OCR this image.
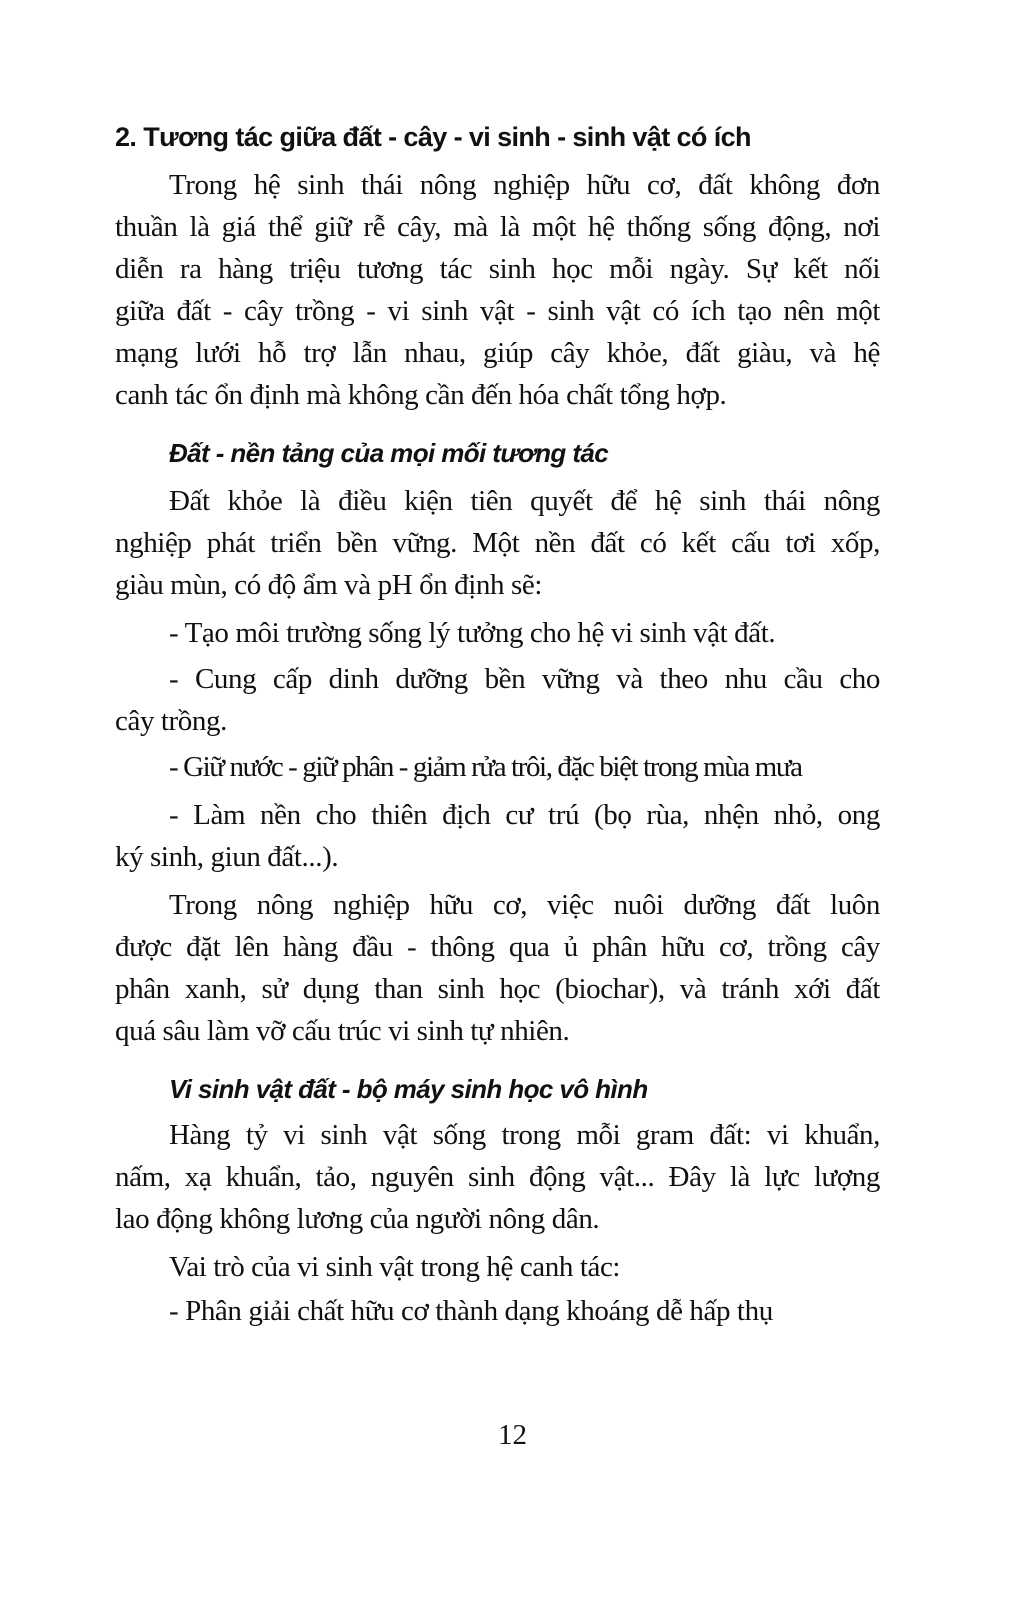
2. Tương tác giữa đất - cây - vi sinh - sinh vật có ích
Trong hệ sinh thái nông nghiệp hữu cơ, đất không đơn
thuần là giá thể giữ rễ cây, mà là một hệ thống sống động, nơi
diễn ra hàng triệu tương tác sinh học mỗi ngày. Sự kết nối
giữa đất - cây trồng - vi sinh vật - sinh vật có ích tạo nên một
mạng lưới hỗ trợ lẫn nhau, giúp cây khỏe, đất giàu, và hệ
canh tác ổn định mà không cần đến hóa chất tổng hợp.
Đất - nền tảng của mọi mối tương tác
Đất khỏe là điều kiện tiên quyết để hệ sinh thái nông
nghiệp phát triển bền vững. Một nền đất có kết cấu tơi xốp,
giàu mùn, có độ ẩm và pH ổn định sẽ:
- Tạo môi trường sống lý tưởng cho hệ vi sinh vật đất.
- Cung cấp dinh dưỡng bền vững và theo nhu cầu cho
cây trồng.
- Giữ nước - giữ phân - giảm rửa trôi, đặc biệt trong mùa mưa
- Làm nền cho thiên địch cư trú (bọ rùa, nhện nhỏ, ong
ký sinh, giun đất...).
Trong nông nghiệp hữu cơ, việc nuôi dưỡng đất luôn
được đặt lên hàng đầu - thông qua ủ phân hữu cơ, trồng cây
phân xanh, sử dụng than sinh học (biochar), và tránh xới đất
quá sâu làm vỡ cấu trúc vi sinh tự nhiên.
Vi sinh vật đất - bộ máy sinh học vô hình
Hàng tỷ vi sinh vật sống trong mỗi gram đất: vi khuẩn,
nấm, xạ khuẩn, tảo, nguyên sinh động vật... Đây là lực lượng
lao động không lương của người nông dân.
Vai trò của vi sinh vật trong hệ canh tác:
- Phân giải chất hữu cơ thành dạng khoáng dễ hấp thụ
12
